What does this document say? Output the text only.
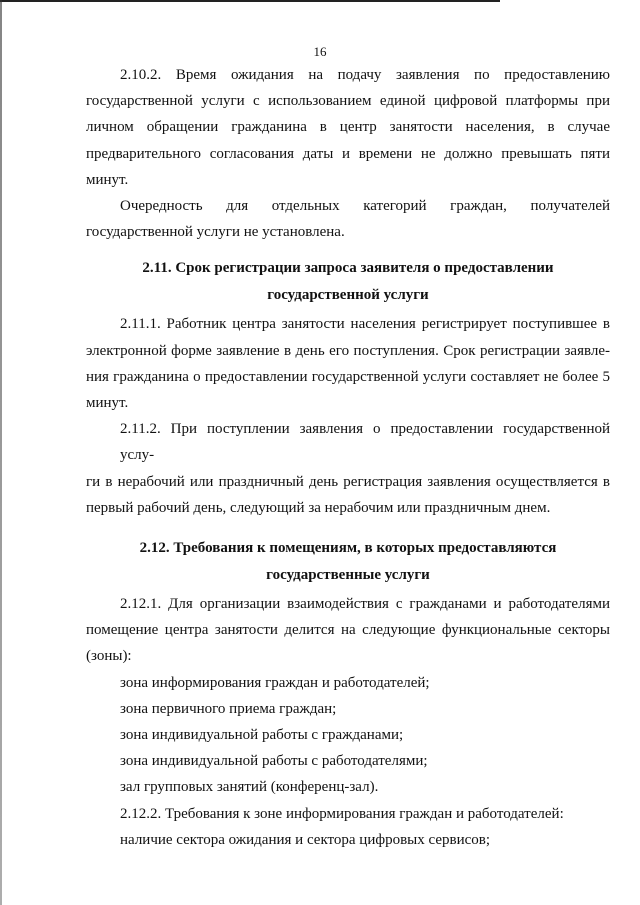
16
2.10.2. Время ожидания на подачу заявления по предоставлению
государственной услуги с использованием единой цифровой платформы при
личном обращении гражданина в центр занятости населения, в случае
предварительного согласования даты и времени не должно превышать пяти
минут.
Очередность для отдельных категорий граждан, получателей
государственной услуги не установлена.
2.11. Срок регистрации запроса заявителя о предоставлении
государственной услуги
2.11.1. Работник центра занятости населения регистрирует поступившее в
электронной форме заявление в день его поступления. Срок регистрации заявле-
ния гражданина о предоставлении государственной услуги составляет не более 5
минут.
2.11.2. При поступлении заявления о предоставлении государственной услу-
ги в нерабочий или праздничный день регистрация заявления осуществляется в
первый рабочий день, следующий за нерабочим или праздничным днем.
2.12. Требования к помещениям, в которых предоставляются
государственные услуги
2.12.1. Для организации взаимодействия с гражданами и работодателями
помещение центра занятости делится на следующие функциональные секторы
(зоны):
зона информирования граждан и работодателей;
зона первичного приема граждан;
зона индивидуальной работы с гражданами;
зона индивидуальной работы с работодателями;
зал групповых занятий (конференц-зал).
2.12.2. Требования к зоне информирования граждан и работодателей:
наличие сектора ожидания и сектора цифровых сервисов;
